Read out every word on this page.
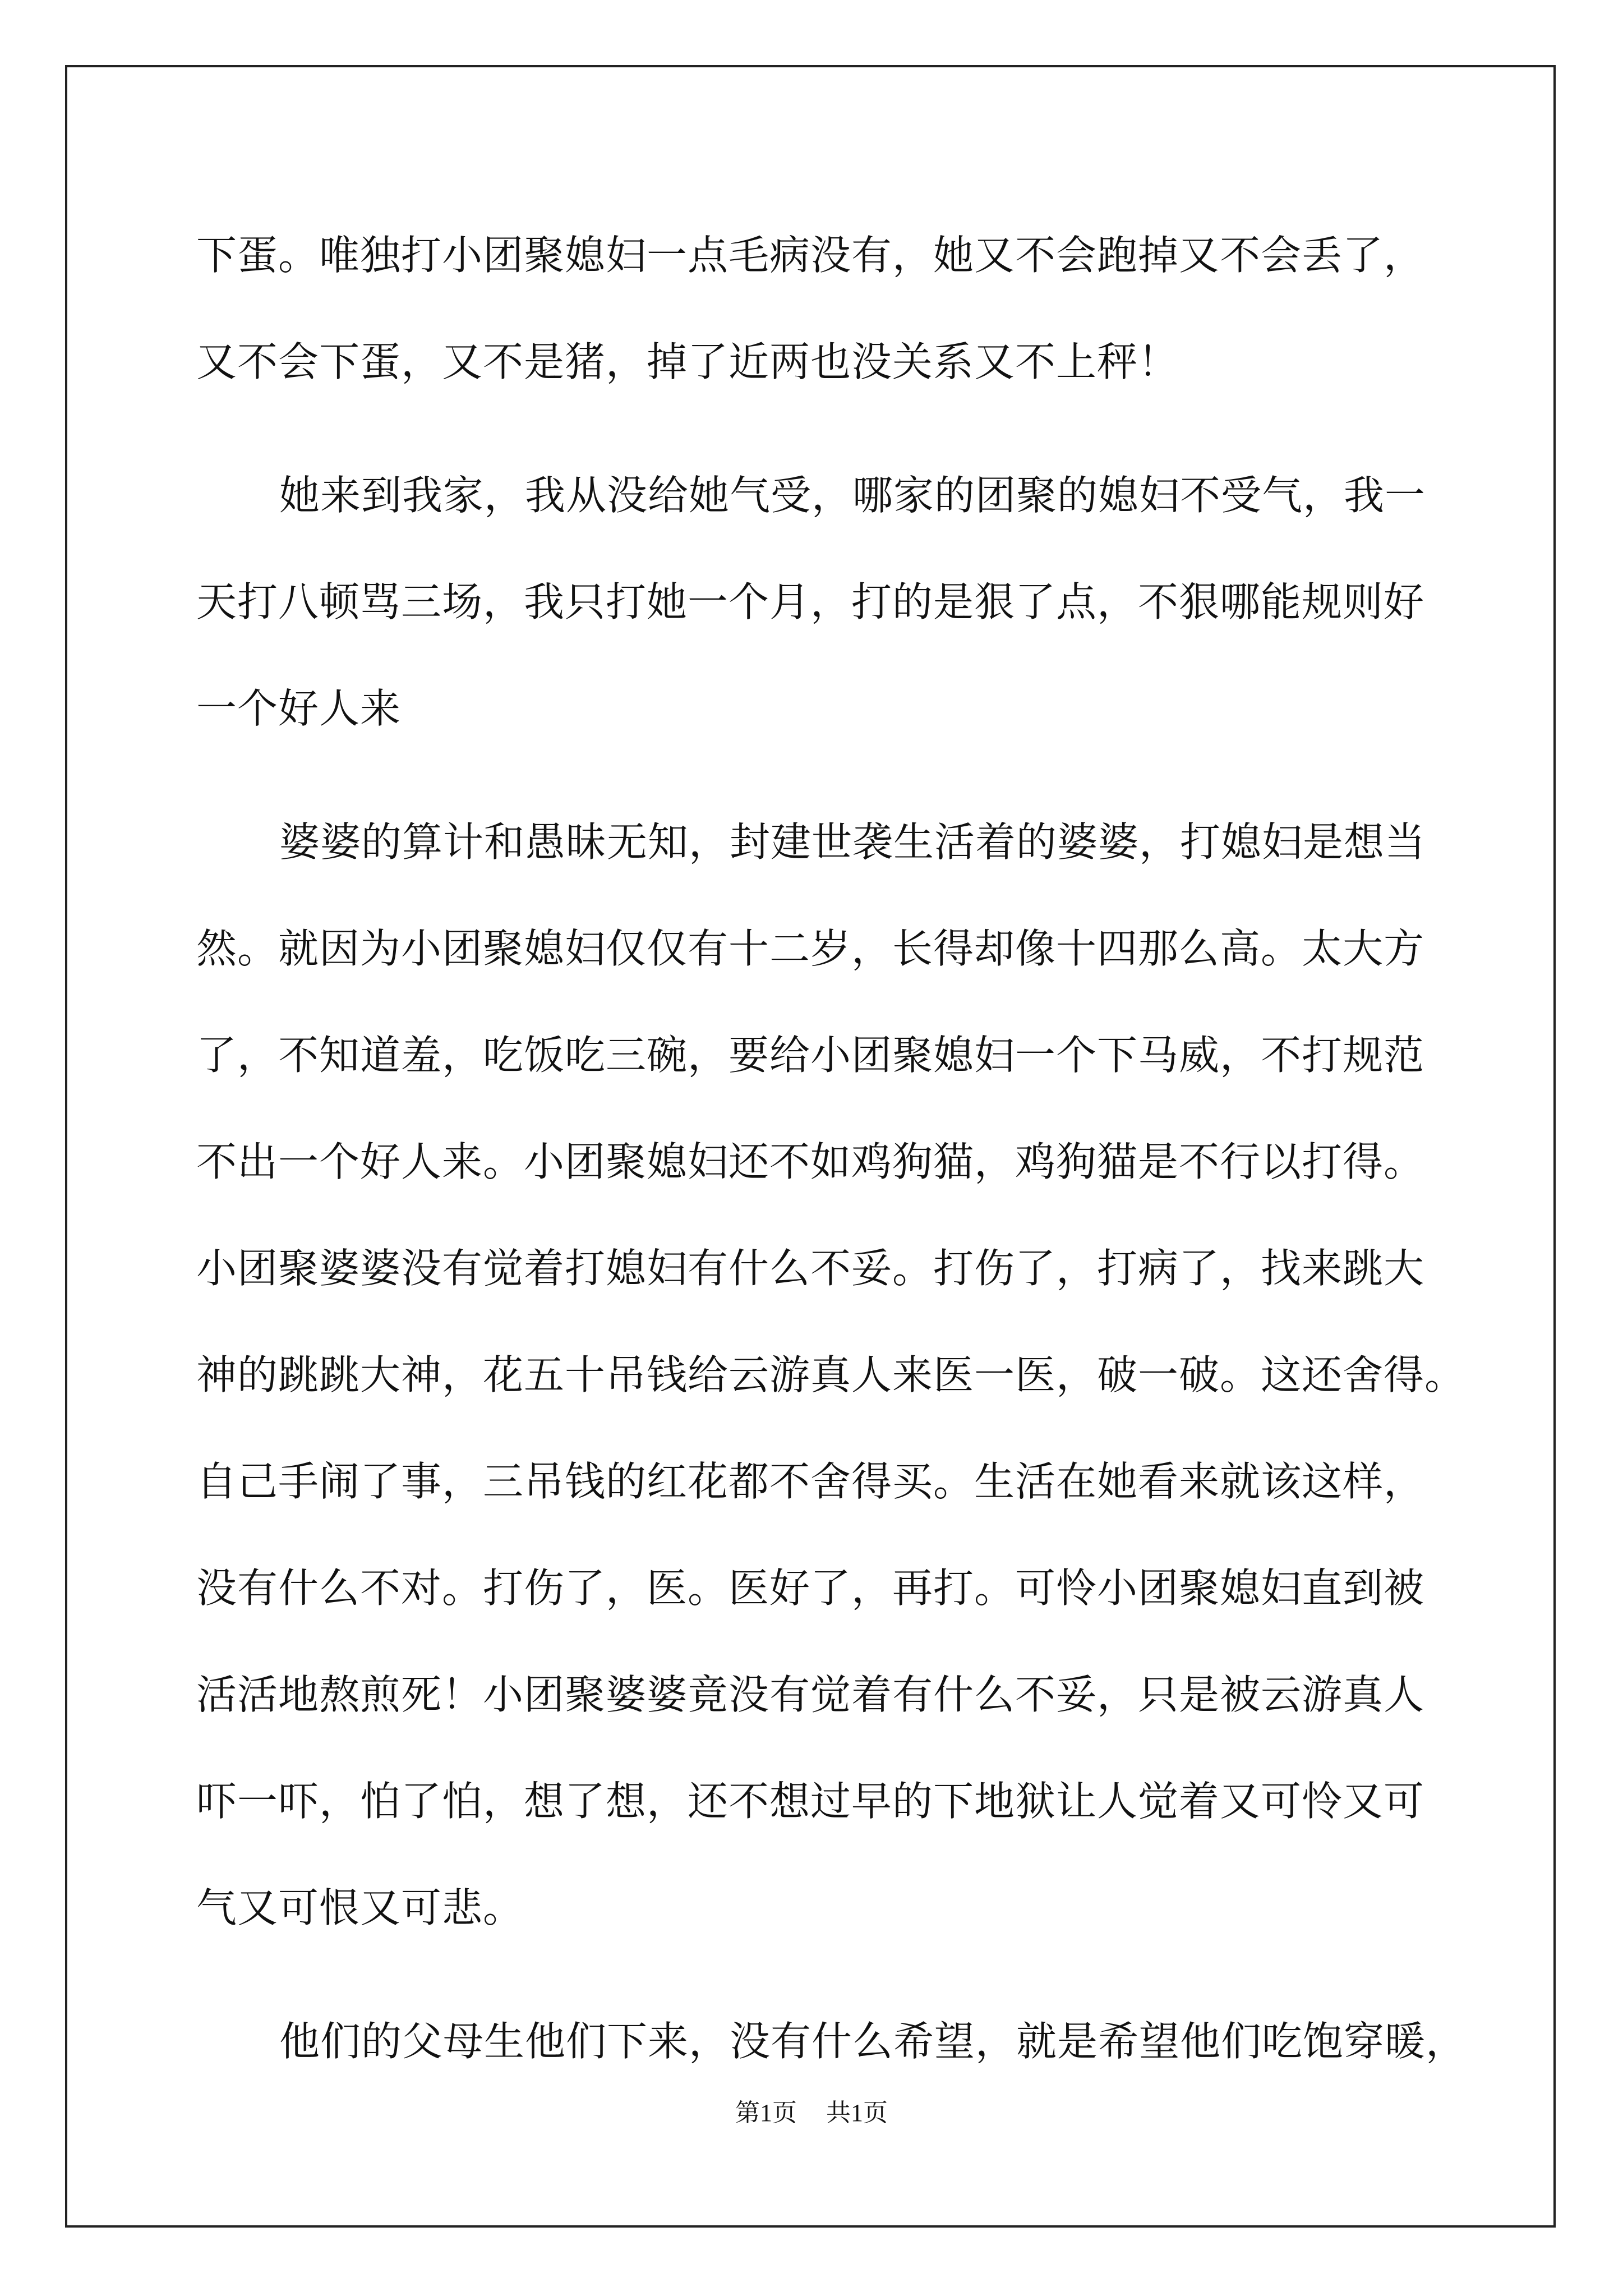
下蛋。唯独打小团聚媳妇一点毛病没有，她又不会跑掉又不会丢了，
又不会下蛋，又不是猪，掉了近两也没关系又不上秤！
她来到我家，我从没给她气受，哪家的团聚的媳妇不受气，我一
天打八顿骂三场，我只打她一个月，打的是狠了点，不狠哪能规则好
一个好人来
婆婆的算计和愚昧无知，封建世袭生活着的婆婆，打媳妇是想当
然。就因为小团聚媳妇仅仅有十二岁，长得却像十四那么高。太大方
了，不知道羞，吃饭吃三碗，要给小团聚媳妇一个下马威，不打规范
不出一个好人来。小团聚媳妇还不如鸡狗猫，鸡狗猫是不行以打得。
小团聚婆婆没有觉着打媳妇有什么不妥。打伤了，打病了，找来跳大
神的跳跳大神，花五十吊钱给云游真人来医一医，破一破。这还舍得。
自己手闹了事，三吊钱的红花都不舍得买。生活在她看来就该这样，
没有什么不对。打伤了，医。医好了，再打。可怜小团聚媳妇直到被
活活地熬煎死！小团聚婆婆竟没有觉着有什么不妥，只是被云游真人
吓一吓，怕了怕，想了想，还不想过早的下地狱让人觉着又可怜又可
气又可恨又可悲。
他们的父母生他们下来，没有什么希望，就是希望他们吃饱穿暖，
第1页 共1页
